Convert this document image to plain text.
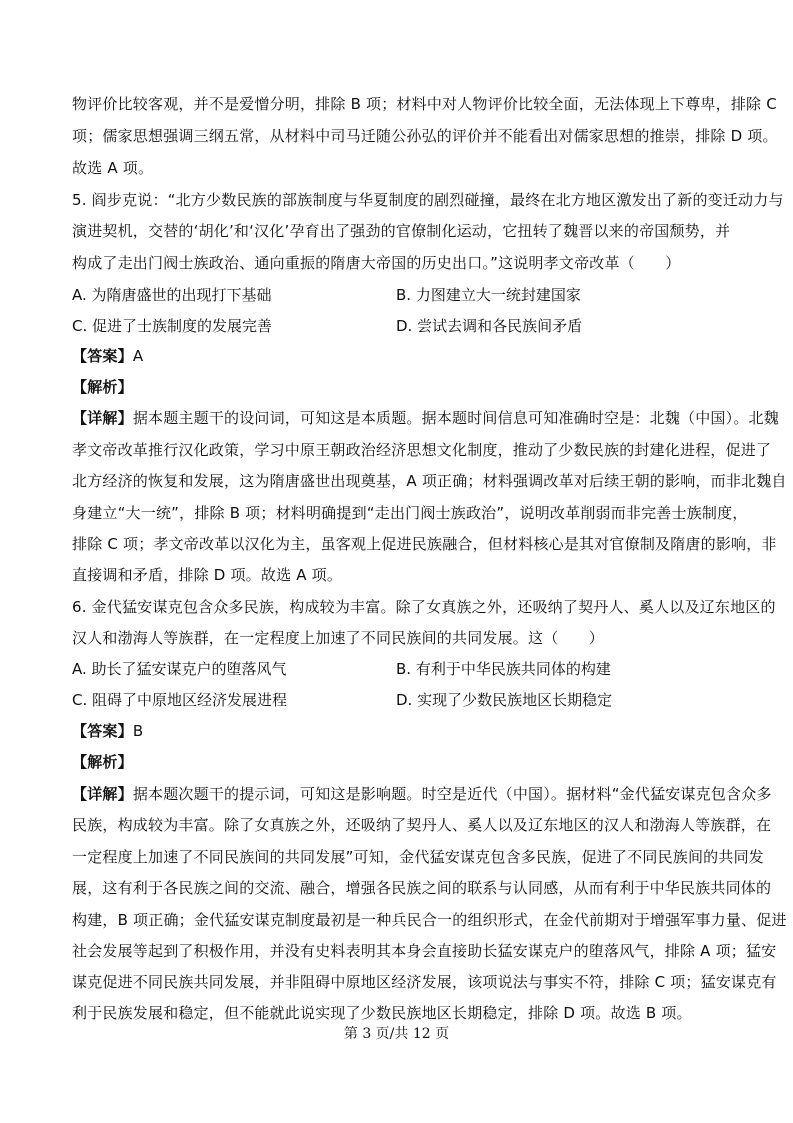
物评价比较客观，并不是爱憎分明，排除 B 项；材料中对人物评价比较全面，无法体现上下尊卑，排除 C
项；儒家思想强调三纲五常，从材料中司马迁随公孙弘的评价并不能看出对儒家思想的推崇，排除 D 项。
故选 A 项。
5. 阎步克说：“北方少数民族的部族制度与华夏制度的剧烈碰撞，最终在北方地区激发出了新的变迁动力与
演进契机，交替的‘胡化’和‘汉化’孕育出了强劲的官僚制化运动，它扭转了魏晋以来的帝国颓势，并
构成了走出门阀士族政治、通向重振的隋唐大帝国的历史出口。”这说明孝文帝改革（　　）
A. 为隋唐盛世的出现打下基础	B. 力图建立大一统封建国家
C. 促进了士族制度的发展完善	D. 尝试去调和各民族间矛盾
【答案】A
【解析】
【详解】据本题主题干的设问词，可知这是本质题。据本题时间信息可知准确时空是：北魏（中国）。北魏
孝文帝改革推行汉化政策，学习中原王朝政治经济思想文化制度，推动了少数民族的封建化进程，促进了
北方经济的恢复和发展，这为隋唐盛世出现奠基，A 项正确；材料强调改革对后续王朝的影响，而非北魏自
身建立“大一统”，排除 B 项；材料明确提到“走出门阀士族政治”，说明改革削弱而非完善士族制度，
排除 C 项；孝文帝改革以汉化为主，虽客观上促进民族融合，但材料核心是其对官僚制及隋唐的影响，非
直接调和矛盾，排除 D 项。故选 A 项。
6. 金代猛安谋克包含众多民族，构成较为丰富。除了女真族之外，还吸纳了契丹人、奚人以及辽东地区的
汉人和渤海人等族群，在一定程度上加速了不同民族间的共同发展。这（　　）
A. 助长了猛安谋克户的堕落风气	B. 有利于中华民族共同体的构建
C. 阻碍了中原地区经济发展进程	D. 实现了少数民族地区长期稳定
【答案】B
【解析】
【详解】据本题次题干的提示词，可知这是影响题。时空是近代（中国）。据材料“金代猛安谋克包含众多
民族，构成较为丰富。除了女真族之外，还吸纳了契丹人、奚人以及辽东地区的汉人和渤海人等族群，在
一定程度上加速了不同民族间的共同发展”可知，金代猛安谋克包含多民族，促进了不同民族间的共同发
展，这有利于各民族之间的交流、融合，增强各民族之间的联系与认同感，从而有利于中华民族共同体的
构建，B 项正确；金代猛安谋克制度最初是一种兵民合一的组织形式，在金代前期对于增强军事力量、促进
社会发展等起到了积极作用，并没有史料表明其本身会直接助长猛安谋克户的堕落风气，排除 A 项；猛安
谋克促进不同民族共同发展，并非阻碍中原地区经济发展，该项说法与事实不符，排除 C 项；猛安谋克有
利于民族发展和稳定，但不能就此说实现了少数民族地区长期稳定，排除 D 项。故选 B 项。
第 3 页/共 12 页
